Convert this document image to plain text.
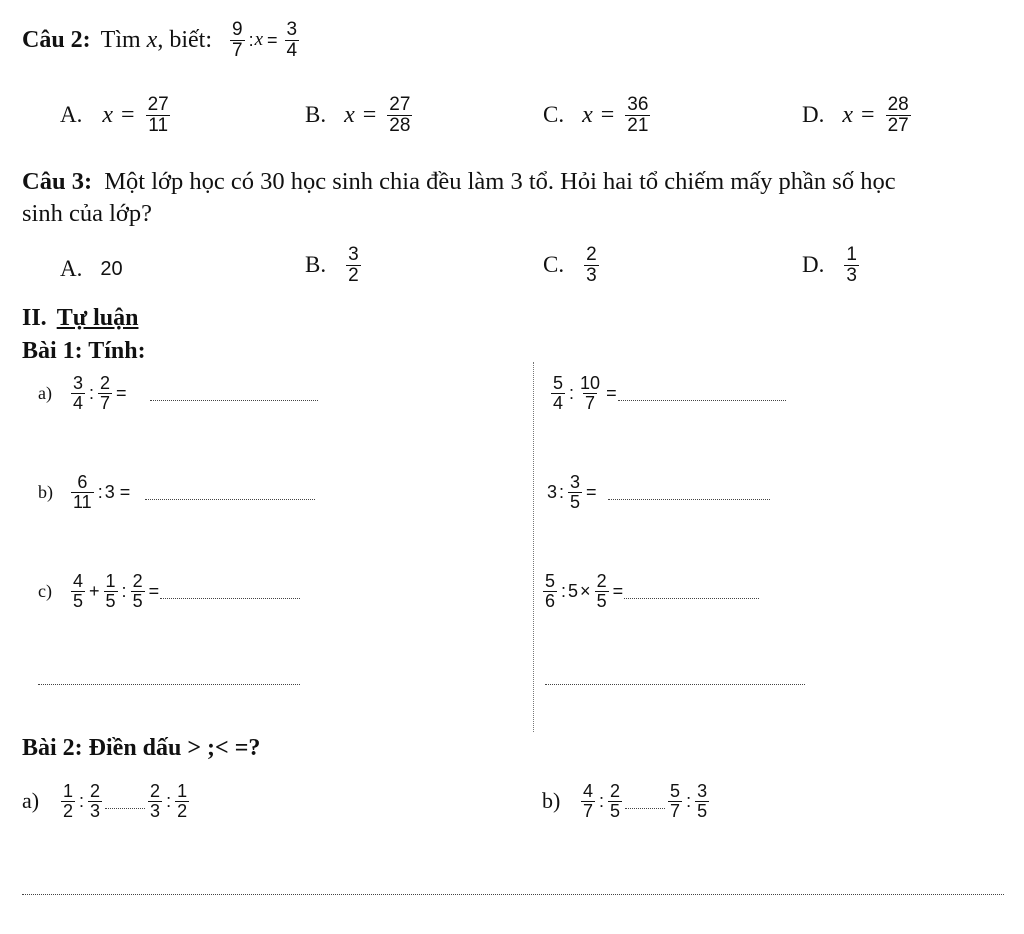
Câu 2: Tìm x , biết: $\frac{9}{7}$ : $x = \frac{3}{4}$
A. $x = \frac{27}{11}$	B. $x = \frac{27}{28}$	C. $x = \frac{36}{21}$	D. $x = \frac{28}{27}$
Câu 3: Một lớp học có 30 học sinh chia đều làm 3 tổ. Hỏi hai tổ chiếm mấy phần số học
sinh của lớp?
A. 20	B. $\frac{3}{2}$	C. $\frac{2}{3}$	D. $\frac{1}{3}$
II. Tự luận
Bài 1: Tính:
a)	$\frac{3}{4}$ : $\frac{2}{7}$ =	$\frac{5}{4}$ : $\frac{10}{7}$ =
b)	$\frac{6}{11}$ : 3 =	3 : $\frac{3}{5}$ =
c)	$\frac{4}{5} + \frac{1}{5}$ : $\frac{2}{5}$ =	$\frac{5}{6}$ : $5 \times \frac{2}{5}$ =
Bài 2: Điền dấu > ;< =?
a)	$\frac{1}{2}$ : $\frac{2}{3}$	$\frac{2}{3}$ : $\frac{1}{2}$	b)	$\frac{4}{7}$ : $\frac{2}{5}$	$\frac{5}{7}$ : $\frac{3}{5}$
